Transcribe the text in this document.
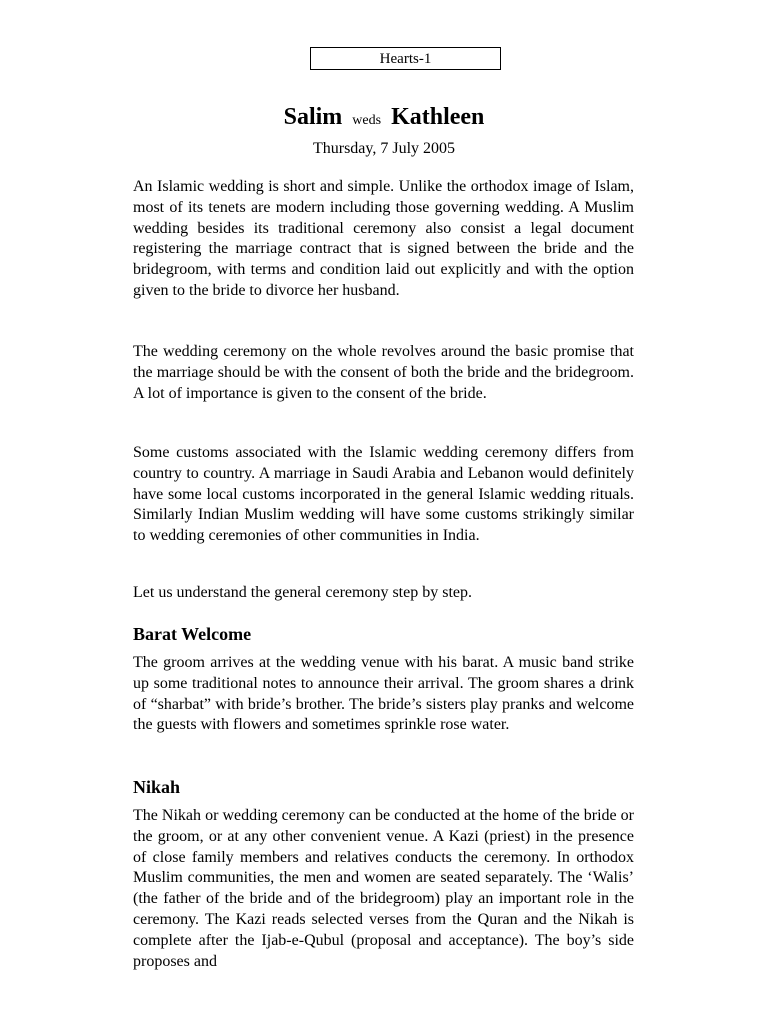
Hearts-1
Salim weds Kathleen
Thursday, 7 July 2005

An Islamic wedding is short and simple. Unlike the orthodox image of Islam, most of its tenets are modern including those governing wedding. A Muslim wedding besides its traditional ceremony also consist a legal document registering the marriage contract that is signed between the bride and the bridegroom, with terms and condition laid out explicitly and with the option given to the bride to divorce her husband.

The wedding ceremony on the whole revolves around the basic promise that the marriage should be with the consent of both the bride and the bridegroom. A lot of importance is given to the consent of the bride.

Some customs associated with the Islamic wedding ceremony differs from country to country. A marriage in Saudi Arabia and Lebanon would definitely have some local customs incorporated in the general Islamic wedding rituals. Similarly Indian Muslim wedding will have some customs strikingly similar to wedding ceremonies of other communities in India.

Let us understand the general ceremony step by step.

Barat Welcome

The groom arrives at the wedding venue with his barat. A music band strike up some traditional notes to announce their arrival. The groom shares a drink of “sharbat” with bride’s brother. The bride’s sisters play pranks and welcome the guests with flowers and sometimes sprinkle rose water.

Nikah

The Nikah or wedding ceremony can be conducted at the home of the bride or the groom, or at any other convenient venue. A Kazi (priest) in the presence of close family members and relatives conducts the ceremony. In orthodox Muslim communities, the men and women are seated separately. The ‘Walis’ (the father of the bride and of the bridegroom) play an important role in the ceremony. The Kazi reads selected verses from the Quran and the Nikah is complete after the Ijab-e-Qubul (proposal and acceptance). The boy’s side proposes and
